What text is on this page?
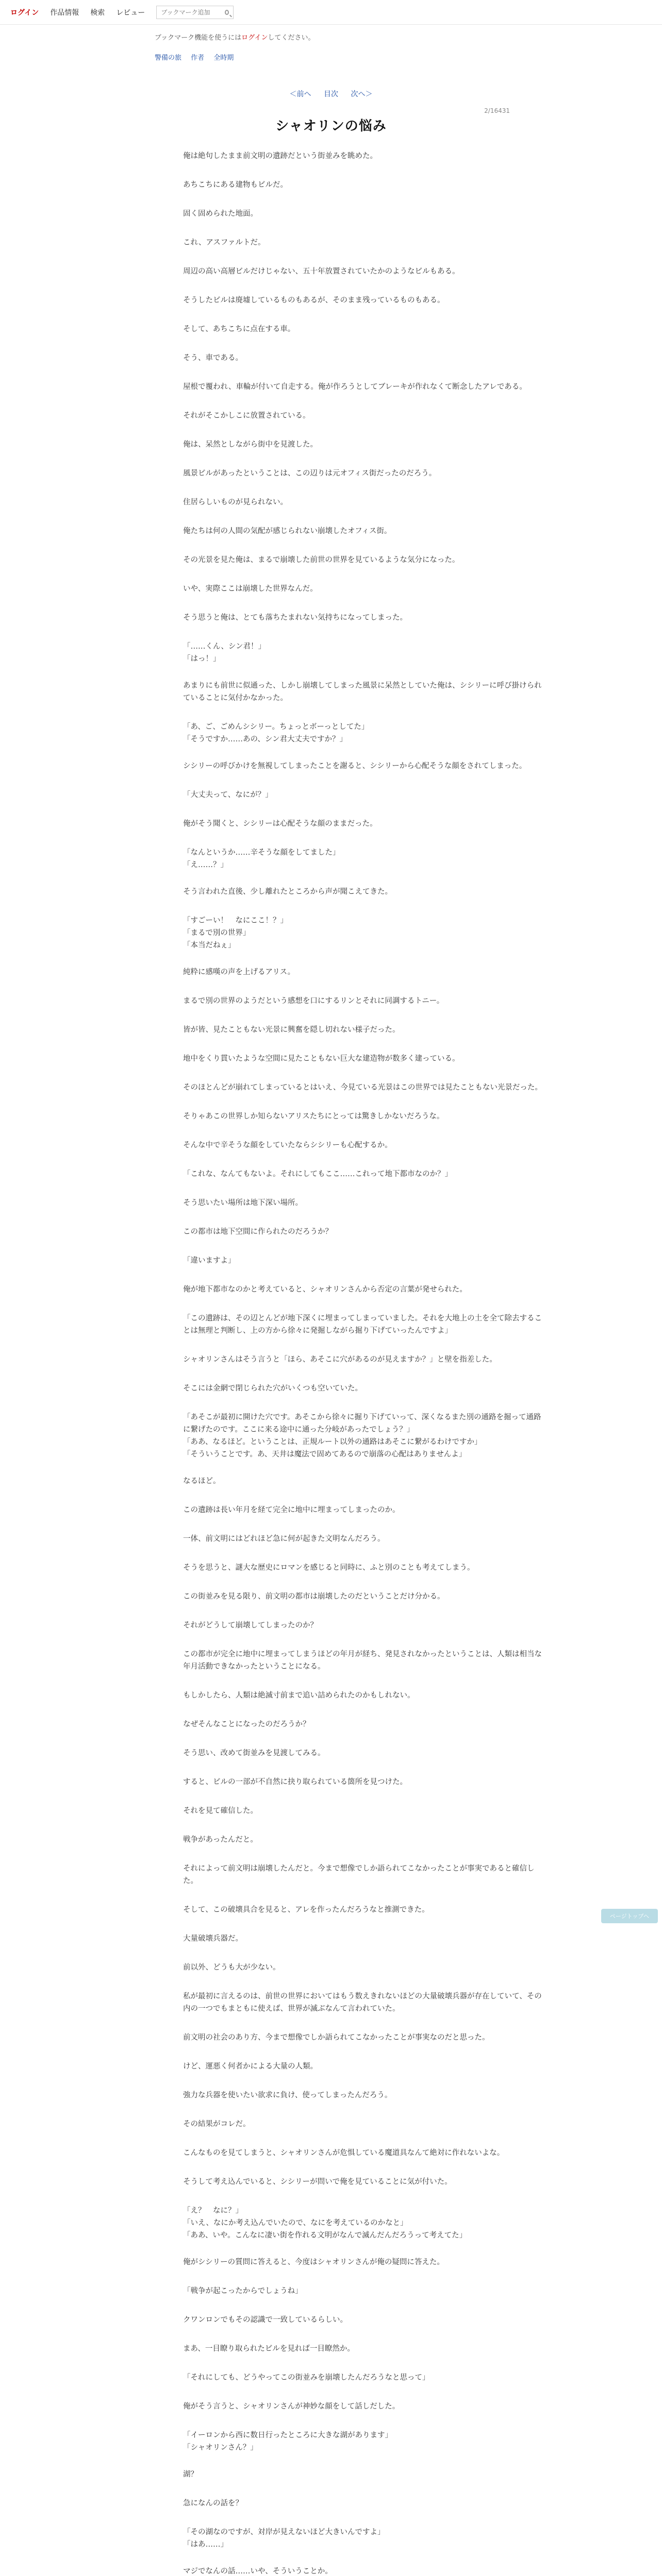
ログイン 作品情報 検索 レビュー
ブックマーク追加
ブックマーク機能を使うにはログインしてください。
警備の旅 作者 全時期
＜前へ 目次 次へ＞
2/16431
シャオリンの悩み

俺は絶句したまま前文明の遺跡だという街並みを眺めた。

あちこちにある建物もビルだ。

固く固められた地面。

これ、アスファルトだ。

周辺の高い高層ビルだけじゃない、五十年放置されていたかのようなビルもある。

そうしたビルは廃墟しているものもあるが、そのまま残っているものもある。

そして、あちこちに点在する車。

そう、車である。

屋根で覆われ、車輪が付いて自走する。俺が作ろうとしてブレーキが作れなくて断念したアレである。

それがそこかしこに放置されている。

俺は、呆然としながら街中を見渡した。

風景ビルがあったということは、この辺りは元オフィス街だったのだろう。

住居らしいものが見られない。

俺たちは何の人間の気配が感じられない崩壊したオフィス街。

その光景を見た俺は、まるで崩壊した前世の世界を見ているような気分になった。

いや、実際ここは崩壊した世界なんだ。

そう思うと俺は、とても落ちたまれない気持ちになってしまった。

「……くん、シン君！」
「はっ！」

あまりにも前世に似通った、しかし崩壊してしまった風景に呆然としていた俺は、シシリーに呼び掛けられていることに気付かなかった。

「あ、ご、ごめんシシリー。ちょっとボーっとしてた」
「そうですか……あの、シン君大丈夫ですか？」

シシリーの呼びかけを無視してしまったことを謝ると、シシリーから心配そうな顔をされてしまった。

「大丈夫って、なにが？」

俺がそう聞くと、シシリーは心配そうな顔のままだった。

「なんというか……辛そうな顔をしてました」
「え……？」

そう言われた直後、少し離れたところから声が聞こえてきた。

「すごーい！　なにここ！？」
「まるで別の世界」
「本当だねぇ」

純粋に感嘆の声を上げるアリス。

まるで別の世界のようだという感想を口にするリンとそれに同調するトニー。

皆が皆、見たこともない光景に興奮を隠し切れない様子だった。

地中をくり貫いたような空間に見たこともない巨大な建造物が数多く建っている。

そのほとんどが崩れてしまっているとはいえ、今見ている光景はこの世界では見たこともない光景だった。

そりゃあこの世界しか知らないアリスたちにとっては驚きしかないだろうな。

そんな中で辛そうな顔をしていたならシシリーも心配するか。

「これな、なんてもないよ。それにしてもここ……これって地下都市なのか？」

そう思いたい場所は地下深い場所。

この都市は地下空間に作られたのだろうか？

「違いますよ」

俺が地下都市なのかと考えていると、シャオリンさんから否定の言葉が発せられた。

「この遺跡は、その辺とんどが地下深くに埋まってしまっていました。それを大地上の土を全て除去することは無理と判断し、上の方から徐々に発掘しながら掘り下げていったんですよ」

シャオリンさんはそう言うと「ほら、あそこに穴があるのが見えますか？」と壁を指差した。

そこには金網で閉じられた穴がいくつも空いていた。

「あそこが最初に開けた穴です。あそこから徐々に掘り下げていって、深くなるまた別の通路を掘って通路に繋げたのです。ここに来る途中に通った分岐があったでしょう？」
「ああ、なるほど。ということは、正規ルート以外の通路はあそこに繋がるわけですか」
「そういうことです。あ、天井は魔法で固めてあるので崩落の心配はありませんよ」

なるほど。

この遺跡は長い年月を経て完全に地中に埋まってしまったのか。

一体、前文明にはどれほど急に何が起きた文明なんだろう。

そうを思うと、謎大な歴史にロマンを感じると同時に、ふと別のことも考えてしまう。

この街並みを見る限り、前文明の都市は崩壊したのだということだけ分かる。

それがどうして崩壊してしまったのか？

この都市が完全に地中に埋まってしまうほどの年月が経ち、発見されなかったということは、人類は相当な年月活動できなかったということになる。

もしかしたら、人類は絶滅寸前まで追い詰められたのかもしれない。

なぜそんなことになったのだろうか？

そう思い、改めて街並みを見渡してみる。

すると、ビルの一部が不自然に抉り取られている箇所を見つけた。

それを見て確信した。

戦争があったんだと。

それによって前文明は崩壊したんだと。今まで想像でしか語られてこなかったことが事実であると確信した。

そして、この破壊具合を見ると、アレを作ったんだろうなと推測できた。

大量破壊兵器だ。

前以外、どうも大が少ない。

私が最初に言えるのは、前世の世界においてはもう数えきれないほどの大量破壊兵器が存在していて、その内の一つでもまともに使えば、世界が滅ぶなんて言われていた。

前文明の社会のあり方、今まで想像でしか語られてこなかったことが事実なのだと思った。

けど、運悪く何者かによる大量の人類。

強力な兵器を使いたい欲求に負け、使ってしまったんだろう。

その結果がコレだ。

こんなものを見てしまうと、シャオリンさんが危惧している魔道具なんて絶対に作れないよな。

そうして考え込んでいると、シシリーが問いで俺を見ていることに気が付いた。

「え？　なに？」
「いえ、なにか考え込んでいたので、なにを考えているのかなと」
「ああ、いや。こんなに凄い街を作れる文明がなんで滅んだんだろうって考えてた」

俺がシシリーの質問に答えると、今度はシャオリンさんが俺の疑問に答えた。

「戦争が起こったからでしょうね」

クワンロンでもその認識で一致しているらしい。

まあ、一目瞭り取られたビルを見れば一目瞭然か。

「それにしても、どうやってこの街並みを崩壊したんだろうなと思って」

俺がそう言うと、シャオリンさんが神妙な顔をして話しだした。

「イーロンから西に数日行ったところに大きな湖があります」
「シャオリンさん？」

湖？

急になんの話を？

「その湖なのですが、対岸が見えないほど大きいんですよ」
「はあ……」

マジでなんの話……いや、そういうことか。

ページトップへ
